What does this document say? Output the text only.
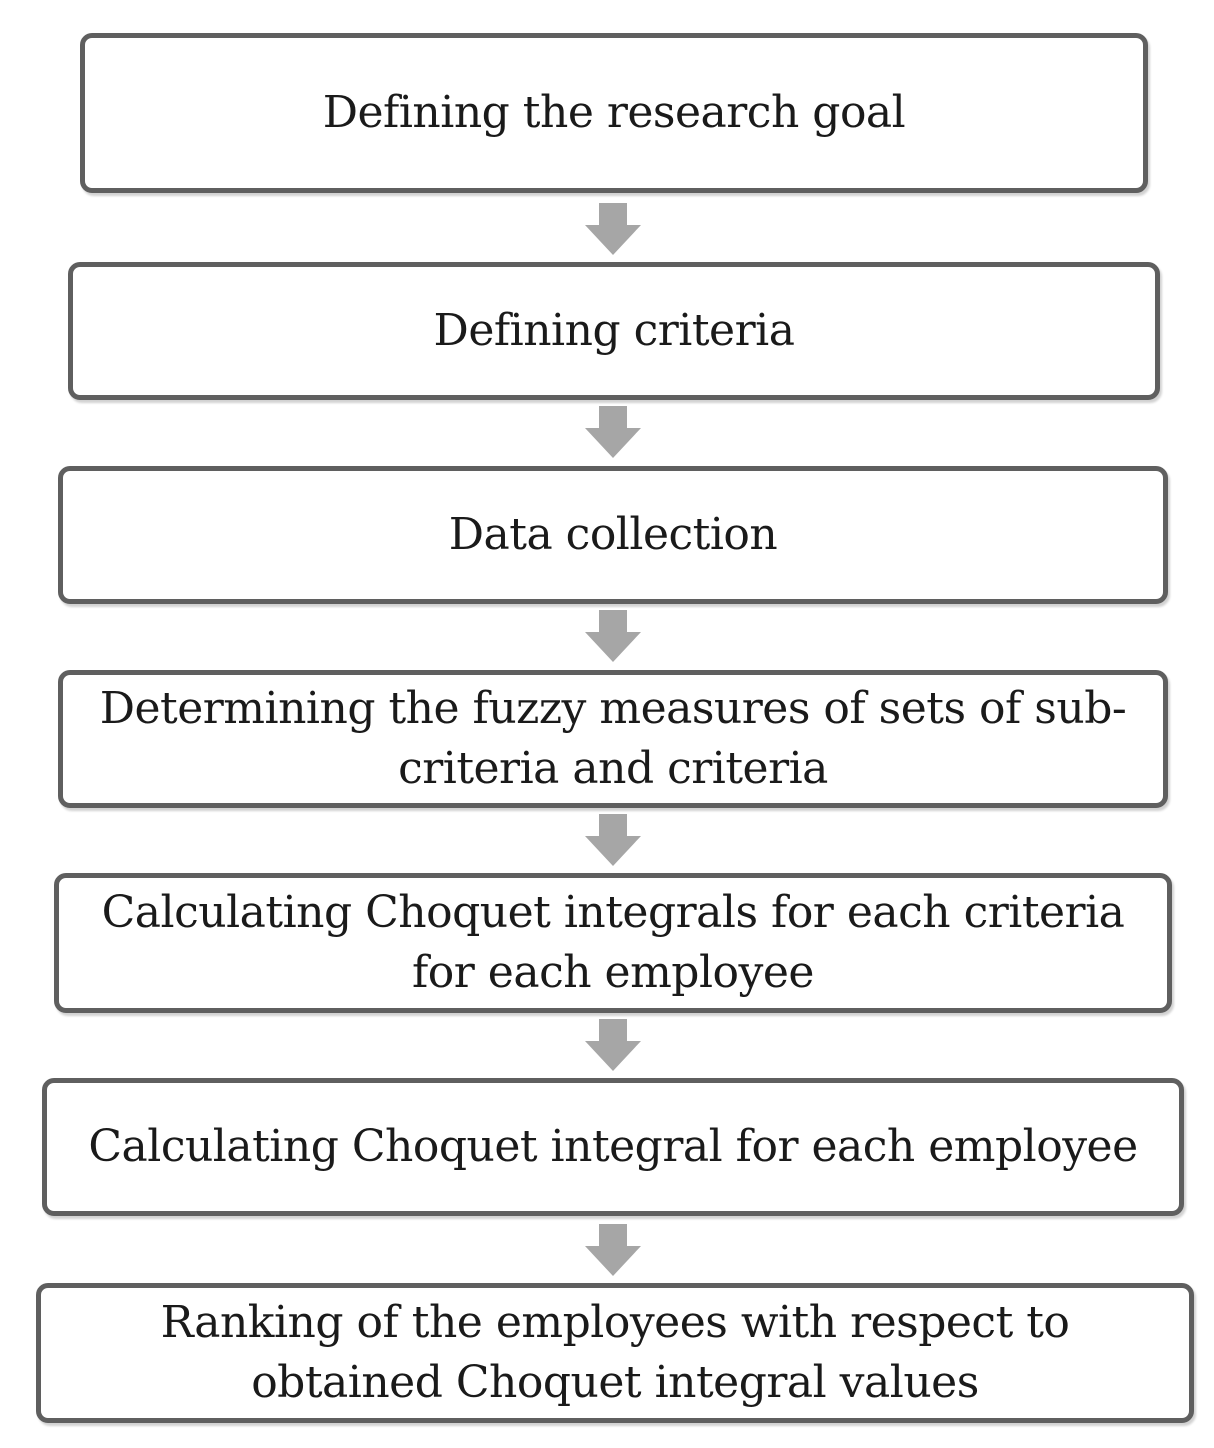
Defining the research goal
Defining criteria
Data collection
Determining the fuzzy measures of sets of sub-criteria and criteria
Calculating Choquet integrals for each criteria for each employee
Calculating Choquet integral for each employee
Ranking of the employees with respect to obtained Choquet integral values
